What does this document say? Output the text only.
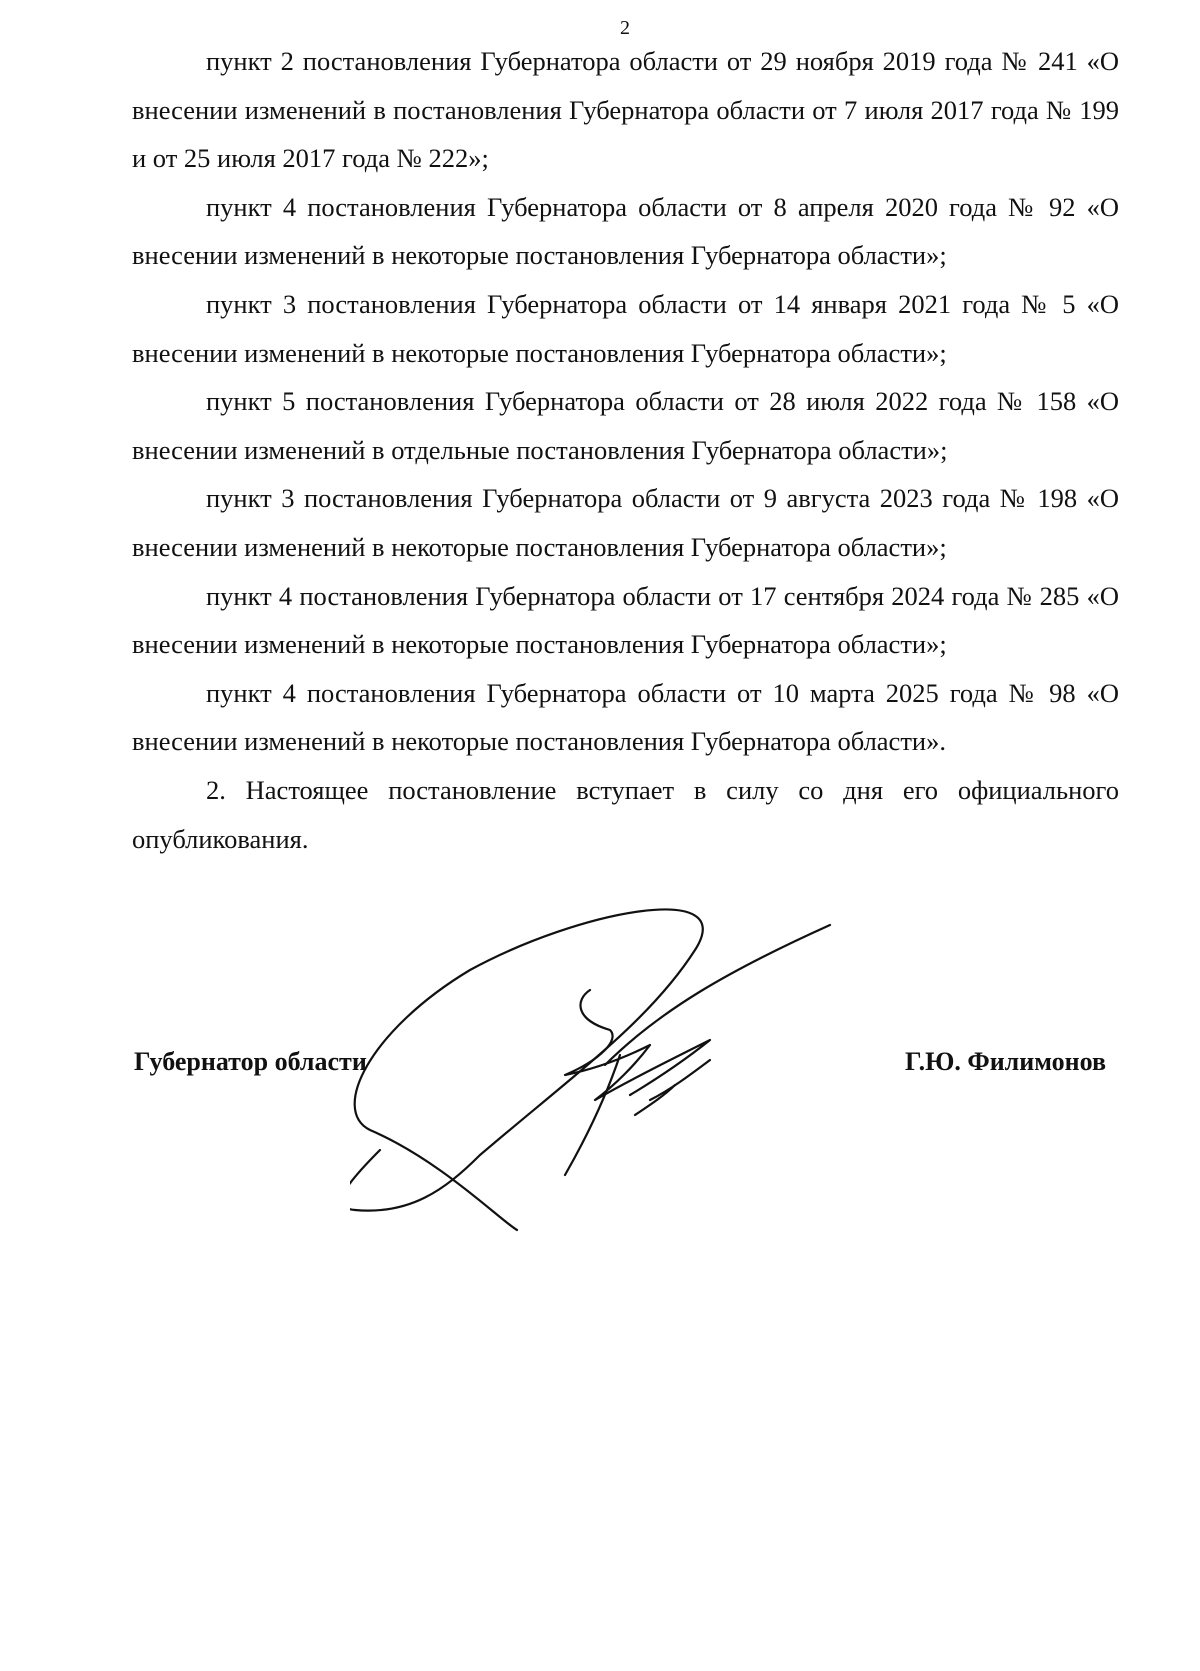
2

пункт 2 постановления Губернатора области от 29 ноября 2019 года № 241 «О внесении изменений в постановления Губернатора области от 7 июля 2017 года № 199 и от 25 июля 2017 года № 222»;

пункт 4 постановления Губернатора области от 8 апреля 2020 года № 92 «О внесении изменений в некоторые постановления Губернатора области»;

пункт 3 постановления Губернатора области от 14 января 2021 года № 5 «О внесении изменений в некоторые постановления Губернатора области»;

пункт 5 постановления Губернатора области от 28 июля 2022 года № 158 «О внесении изменений в отдельные постановления Губернатора области»;

пункт 3 постановления Губернатора области от 9 августа 2023 года № 198 «О внесении изменений в некоторые постановления Губернатора области»;

пункт 4 постановления Губернатора области от 17 сентября 2024 года № 285 «О внесении изменений в некоторые постановления Губернатора области»;

пункт 4 постановления Губернатора области от 10 марта 2025 года № 98 «О внесении изменений в некоторые постановления Губернатора области».

2. Настоящее постановление вступает в силу со дня его официального опубликования.

Губернатор области	Г.Ю. Филимонов
